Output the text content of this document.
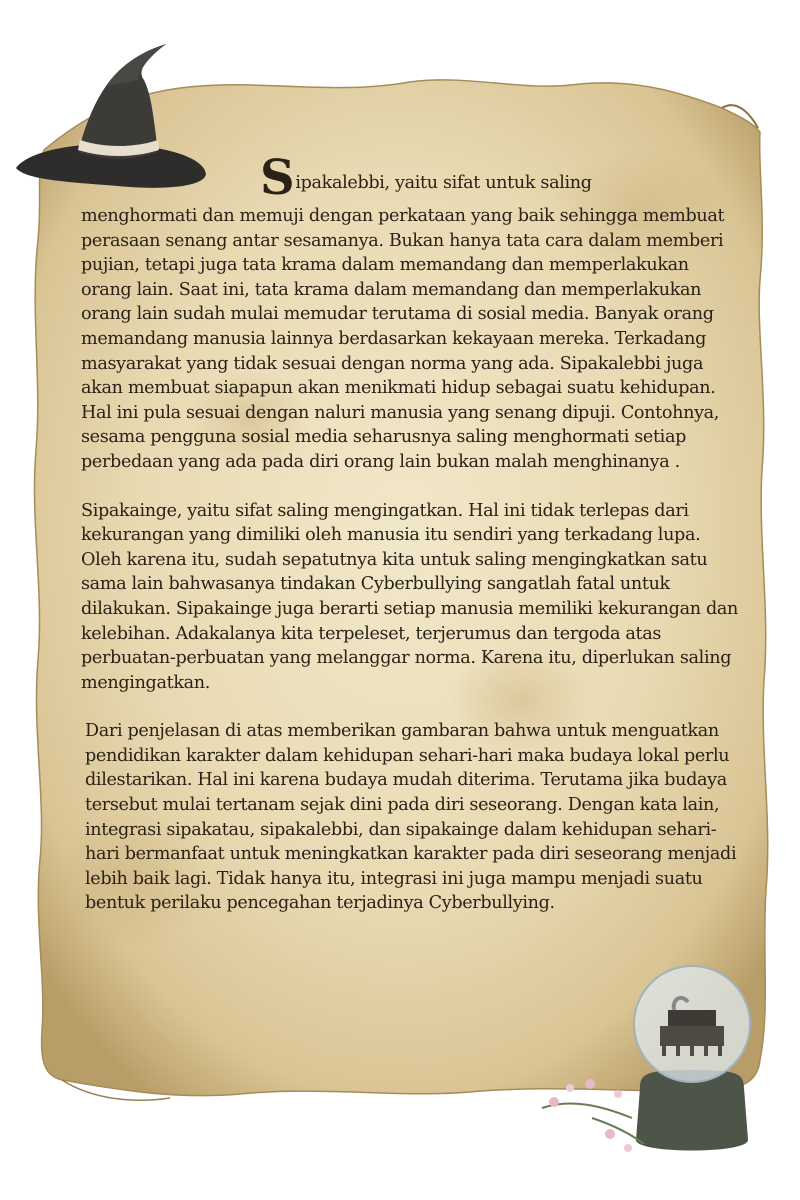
Sipakalebbi, yaitu sifat untuk saling
menghormati dan memuji dengan perkataan yang baik sehingga membuat perasaan senang antar sesamanya. Bukan hanya tata cara dalam memberi pujian, tetapi juga tata krama dalam memandang dan memperlakukan orang lain. Saat ini, tata krama dalam memandang dan memperlakukan orang lain sudah mulai memudar terutama di sosial media. Banyak orang memandang manusia lainnya berdasarkan kekayaan mereka. Terkadang masyarakat yang tidak sesuai dengan norma yang ada. Sipakalebbi juga akan membuat siapapun akan menikmati hidup sebagai suatu kehidupan. Hal ini pula sesuai dengan naluri manusia yang senang dipuji. Contohnya, sesama pengguna sosial media seharusnya saling menghormati setiap perbedaan yang ada pada diri orang lain bukan malah menghinanya .

Sipakainge, yaitu sifat saling mengingatkan. Hal ini tidak terlepas dari kekurangan yang dimiliki oleh manusia itu sendiri yang terkadang lupa. Oleh karena itu, sudah sepatutnya kita untuk saling mengingkatkan satu sama lain bahwasanya tindakan Cyberbullying sangatlah fatal untuk dilakukan. Sipakainge juga berarti setiap manusia memiliki kekurangan dan kelebihan. Adakalanya kita terpeleset, terjerumus dan tergoda atas perbuatan-perbuatan yang melanggar norma. Karena itu, diperlukan saling mengingatkan.

Dari penjelasan di atas memberikan gambaran bahwa untuk menguatkan pendidikan karakter dalam kehidupan sehari-hari maka budaya lokal perlu dilestarikan. Hal ini karena budaya mudah diterima. Terutama jika budaya tersebut mulai tertanam sejak dini pada diri seseorang. Dengan kata lain, integrasi sipakatau, sipakalebbi, dan sipakainge dalam kehidupan sehari-hari bermanfaat untuk meningkatkan karakter pada diri seseorang menjadi lebih baik lagi. Tidak hanya itu, integrasi ini juga mampu menjadi suatu bentuk perilaku pencegahan terjadinya Cyberbullying.
